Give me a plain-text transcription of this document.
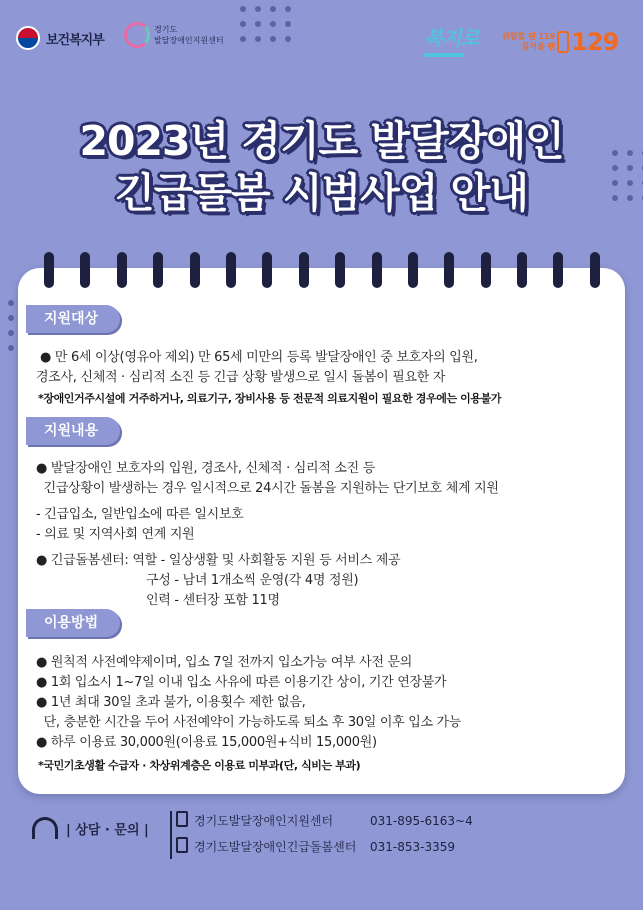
보건복지부
경기도
발달장애인지원센터	복지로	위험할 땐 119
힘겨울 땐 129
2023년 경기도 발달장애인
긴급돌봄 시범사업 안내
지원대상
● 만 6세 이상(영유아 제외) 만 65세 미만의 등록 발달장애인 중 보호자의 입원,
경조사, 신체적 · 심리적 소진 등 긴급 상황 발생으로 일시 돌봄이 필요한 자
*장애인거주시설에 거주하거나, 의료기구, 장비사용 등 전문적 의료지원이 필요한 경우에는 이용불가
지원내용
● 발달장애인 보호자의 입원, 경조사, 신체적 · 심리적 소진 등
긴급상황이 발생하는 경우 일시적으로 24시간 돌봄을 지원하는 단기보호 체계 지원
- 긴급입소, 일반입소에 따른 일시보호
- 의료 및 지역사회 연계 지원
● 긴급돌봄센터: 역할 - 일상생활 및 사회활동 지원 등 서비스 제공
구성 - 남녀 1개소씩 운영(각 4명 정원)
인력 - 센터장 포함 11명
이용방법
● 원칙적 사전예약제이며, 입소 7일 전까지 입소가능 여부 사전 문의
● 1회 입소시 1~7일 이내 입소 사유에 따른 이용기간 상이, 기간 연장불가
● 1년 최대 30일 초과 불가, 이용횟수 제한 없음,
단, 충분한 시간을 두어 사전예약이 가능하도록 퇴소 후 30일 이후 입소 가능
● 하루 이용료 30,000원(이용료 15,000원+식비 15,000원)
*국민기초생활 수급자 · 차상위계층은 이용료 미부과(단, 식비는 부과)
| 상담 · 문의 |
경기도발달장애인지원센터	031-895-6163~4
경기도발달장애인긴급돌봄센터 031-853-3359
